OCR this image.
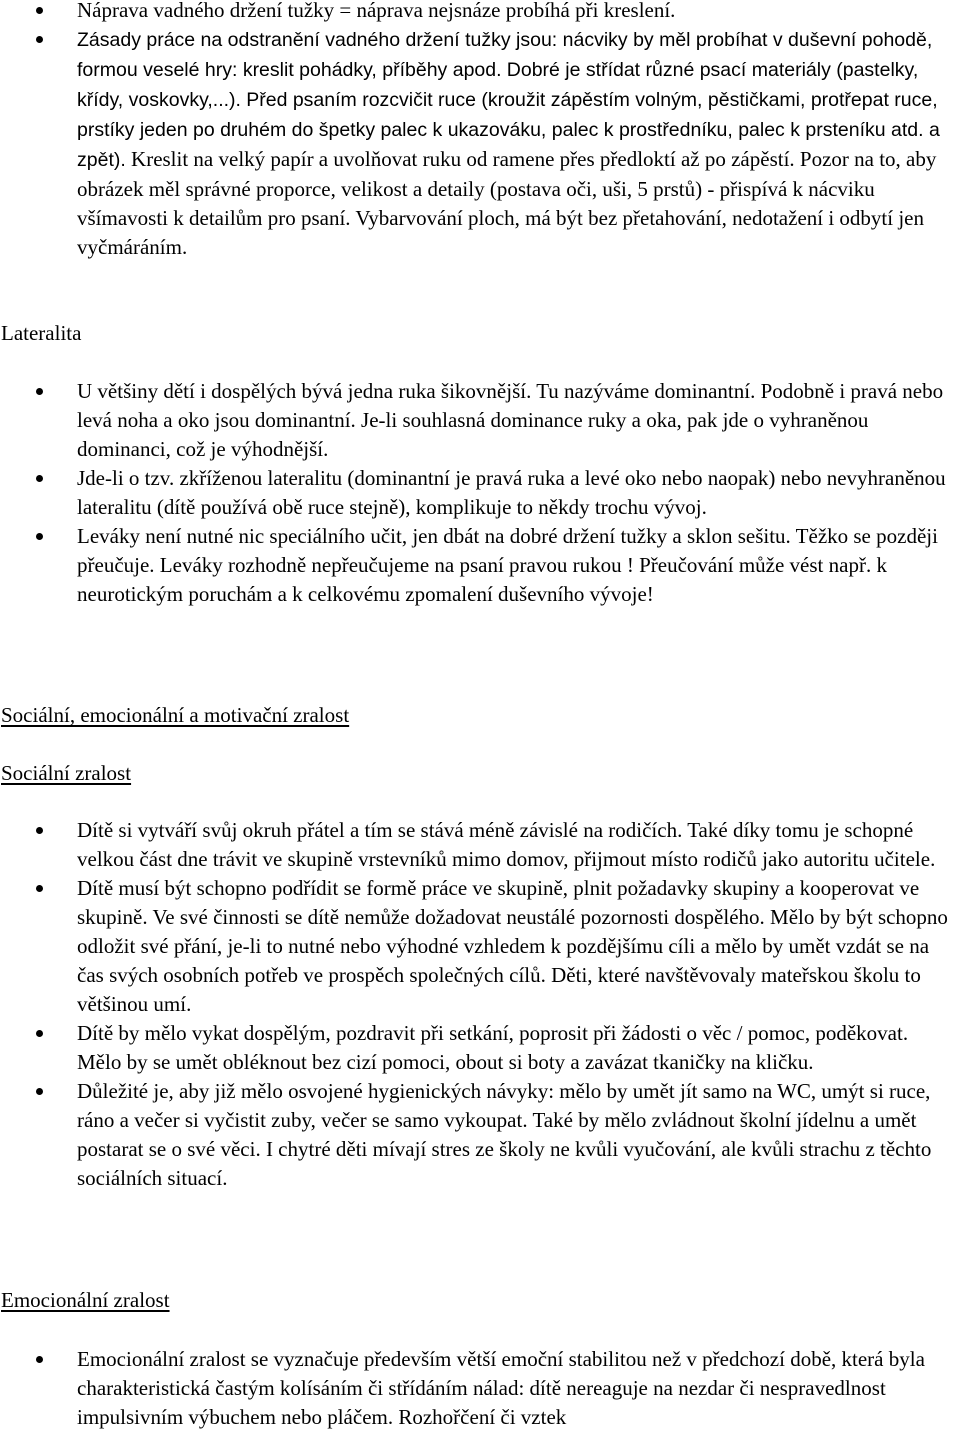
Náprava vadného držení tužky = náprava nejsnáze probíhá při kreslení.
Zásady práce na odstranění vadného držení tužky jsou: nácviky by měl probíhat v duševní pohodě, formou veselé hry: kreslit pohádky, příběhy apod. Dobré je střídat různé psací materiály (pastelky, křídy, voskovky,...). Před psaním rozcvičit ruce (kroužit zápěstím volným, pěstičkami, protřepat ruce, prstíky jeden po druhém do špetky palec k ukazováku, palec k prostředníku, palec k prsteníku atd. a zpět). Kreslit na velký papír a uvolňovat ruku od ramene přes předloktí až po zápěstí. Pozor na to, aby obrázek měl správné proporce, velikost a detaily (postava oči, uši, 5 prstů) - přispívá k nácviku všímavosti k detailům pro psaní. Vybarvování ploch, má být bez přetahování, nedotažení i odbytí jen vyčmáráním.

Lateralita

U většiny dětí i dospělých bývá jedna ruka šikovnější. Tu nazýváme dominantní. Podobně i pravá nebo levá noha a oko jsou dominantní. Je-li souhlasná dominance ruky a oka, pak jde o vyhraněnou dominanci, což je výhodnější.
Jde-li o tzv. zkříženou lateralitu (dominantní je pravá ruka a levé oko nebo naopak) nebo nevyhraněnou lateralitu (dítě používá obě ruce stejně), komplikuje to někdy trochu vývoj.
Leváky není nutné nic speciálního učit, jen dbát na dobré držení tužky a sklon sešitu. Těžko se později přeučuje. Leváky rozhodně nepřeučujeme na psaní pravou rukou ! Přeučování může vést např. k neurotickým poruchám a k celkovému zpomalení duševního vývoje!

Sociální, emocionální a motivační zralost

Sociální zralost

Dítě si vytváří svůj okruh přátel a tím se stává méně závislé na rodičích. Také díky tomu je schopné velkou část dne trávit ve skupině vrstevníků mimo domov, přijmout místo rodičů jako autoritu učitele.
Dítě musí být schopno podřídit se formě práce ve skupině, plnit požadavky skupiny a kooperovat ve skupině. Ve své činnosti se dítě nemůže dožadovat neustálé pozornosti dospělého. Mělo by být schopno odložit své přání, je-li to nutné nebo výhodné vzhledem k pozdějšímu cíli a mělo by umět vzdát se na čas svých osobních potřeb ve prospěch společných cílů. Děti, které navštěvovaly mateřskou školu to většinou umí.
Dítě by mělo vykat dospělým, pozdravit při setkání, poprosit při žádosti o věc / pomoc, poděkovat. Mělo by se umět obléknout bez cizí pomoci, obout si boty a zavázat tkaničky na kličku.
Důležité je, aby již mělo osvojené hygienických návyky: mělo by umět jít samo na WC, umýt si ruce, ráno a večer si vyčistit zuby, večer se samo vykoupat. Také by mělo zvládnout školní jídelnu a umět postarat se o své věci. I chytré děti mívají stres ze školy ne kvůli vyučování, ale kvůli strachu z těchto sociálních situací.

Emocionální zralost

Emocionální zralost se vyznačuje především větší emoční stabilitou než v předchozí době, která byla charakteristická častým kolísáním či střídáním nálad: dítě nereaguje na nezdar či nespravedlnost impulsivním výbuchem nebo pláčem. Rozhořčení či vztek
